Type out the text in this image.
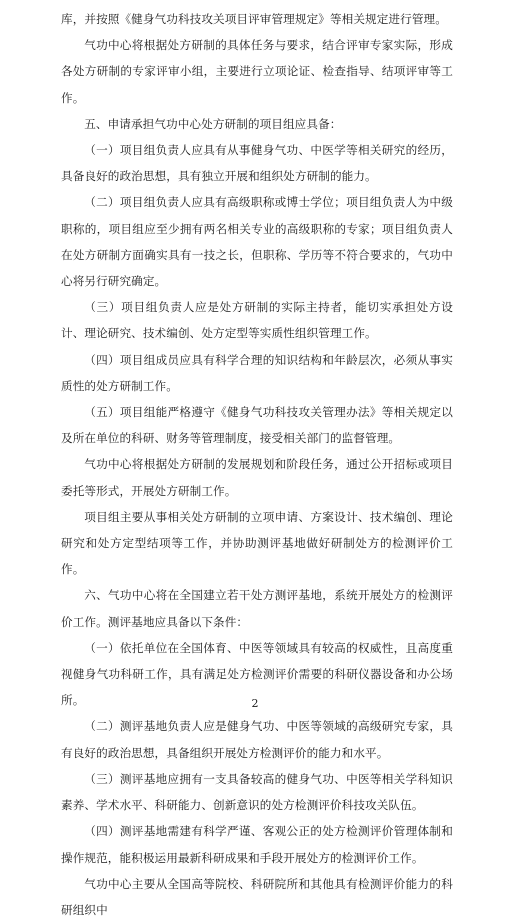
库，并按照《健身气功科技攻关项目评审管理规定》等相关规定进行管理。

气功中心将根据处方研制的具体任务与要求，结合评审专家实际，形成各处方研制的专家评审小组，主要进行立项论证、检查指导、结项评审等工作。

五、申请承担气功中心处方研制的项目组应具备：

（一）项目组负责人应具有从事健身气功、中医学等相关研究的经历，具备良好的政治思想，具有独立开展和组织处方研制的能力。

（二）项目组负责人应具有高级职称或博士学位；项目组负责人为中级职称的，项目组应至少拥有两名相关专业的高级职称的专家；项目组负责人在处方研制方面确实具有一技之长，但职称、学历等不符合要求的，气功中心将另行研究确定。

（三）项目组负责人应是处方研制的实际主持者，能切实承担处方设计、理论研究、技术编创、处方定型等实质性组织管理工作。

（四）项目组成员应具有科学合理的知识结构和年龄层次，必须从事实质性的处方研制工作。

（五）项目组能严格遵守《健身气功科技攻关管理办法》等相关规定以及所在单位的科研、财务等管理制度，接受相关部门的监督管理。

气功中心将根据处方研制的发展规划和阶段任务，通过公开招标或项目委托等形式，开展处方研制工作。

项目组主要从事相关处方研制的立项申请、方案设计、技术编创、理论研究和处方定型结项等工作，并协助测评基地做好研制处方的检测评价工作。

六、气功中心将在全国建立若干处方测评基地，系统开展处方的检测评价工作。测评基地应具备以下条件：

（一）依托单位在全国体育、中医等领域具有较高的权威性，且高度重视健身气功科研工作，具有满足处方检测评价需要的科研仪器设备和办公场所。

（二）测评基地负责人应是健身气功、中医等领域的高级研究专家，具有良好的政治思想，具备组织开展处方检测评价的能力和水平。

（三）测评基地应拥有一支具备较高的健身气功、中医等相关学科知识素养、学术水平、科研能力、创新意识的处方检测评价科技攻关队伍。

（四）测评基地需建有科学严谨、客观公正的处方检测评价管理体制和操作规范，能积极运用最新科研成果和手段开展处方的检测评价工作。

气功中心主要从全国高等院校、科研院所和其他具有检测评价能力的科研组织中

2
